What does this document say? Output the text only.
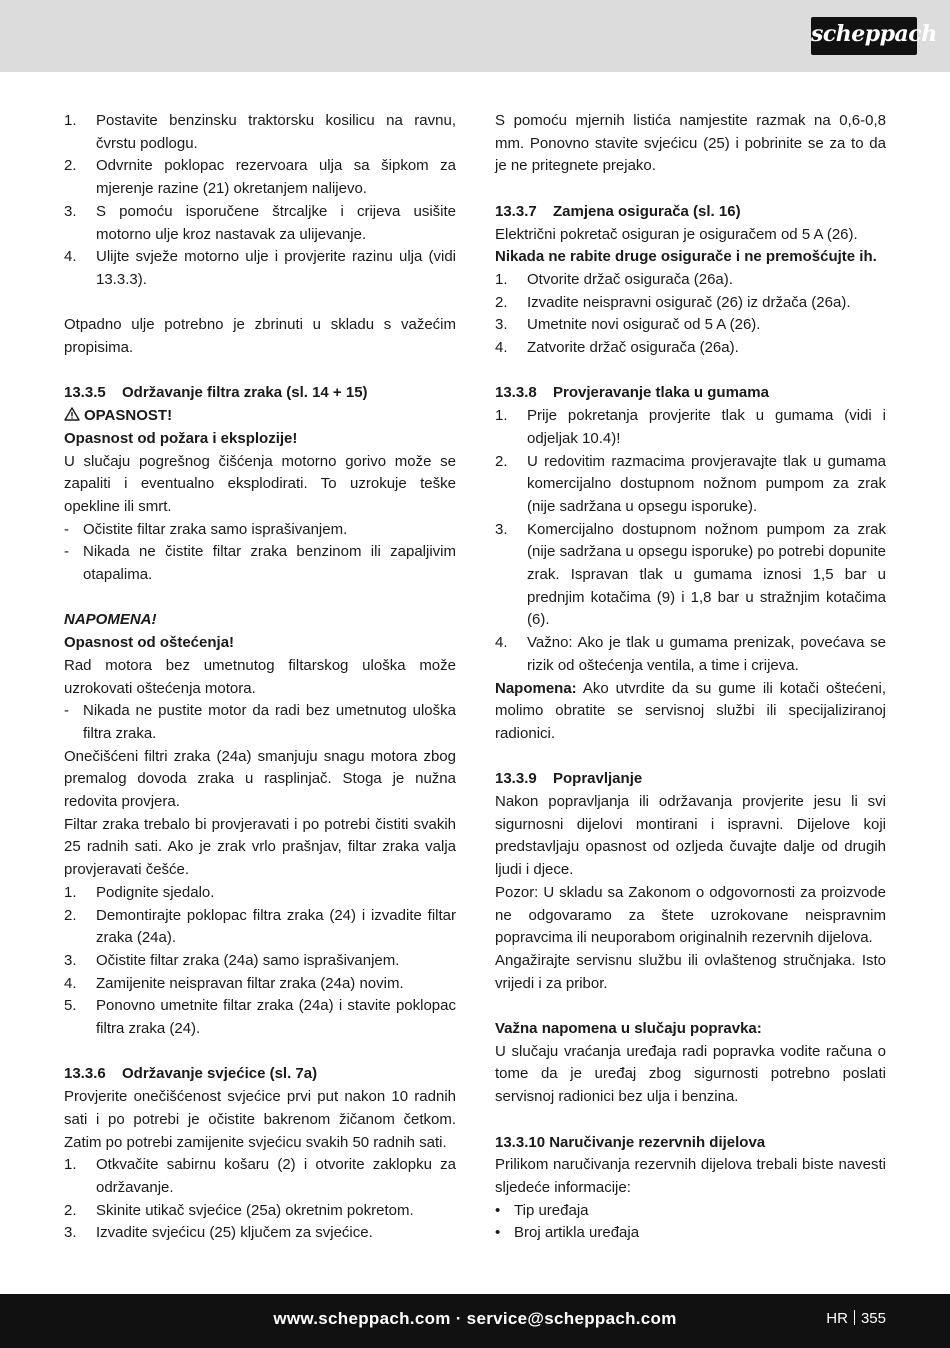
scheppach
1. Postavite benzinsku traktorsku kosilicu na ravnu, čvrstu podlogu.
2. Odvrnite poklopac rezervoara ulja sa šipkom za mjerenje razine (21) okretanjem nalijevo.
3. S pomoću isporučene štrcaljke i crijeva usišite motorno ulje kroz nastavak za ulijevanje.
4. Ulijte svježe motorno ulje i provjerite razinu ulja (vidi 13.3.3).

Otpadno ulje potrebno je zbrinuti u skladu s važećim propisima.

13.3.5 Održavanje filtra zraka (sl. 14 + 15)
OPASNOST!
Opasnost od požara i eksplozije!

U slučaju pogrešnog čišćenja motorno gorivo može se zapaliti i eventualno eksplodirati. To uzrokuje teške opekline ili smrt.

- Očistite filtar zraka samo isprašivanjem.
- Nikada ne čistite filtar zraka benzinom ili zapaljivim otapalima.
NAPOMENA!
Opasnost od oštećenja!

Rad motora bez umetnutog filtarskog uloška može uzrokovati oštećenja motora.

- Nikada ne pustite motor da radi bez umetnutog uloška filtra zraka.

Onečišćeni filtri zraka (24a) smanjuju snagu motora zbog premalog dovoda zraka u rasplinjač. Stoga je nužna redovita provjera.

Filtar zraka trebalo bi provjeravati i po potrebi čistiti svakih 25 radnih sati. Ako je zrak vrlo prašnjav, filtar zraka valja provjeravati češće.

1. Podignite sjedalo.
2. Demontirajte poklopac filtra zraka (24) i izvadite filtar zraka (24a).
3. Očistite filtar zraka (24a) samo isprašivanjem.
4. Zamijenite neispravan filtar zraka (24a) novim.
5. Ponovno umetnite filtar zraka (24a) i stavite poklopac filtra zraka (24).
13.3.6 Održavanje svjećice (sl. 7a)

Provjerite onečišćenost svjećice prvi put nakon 10 radnih sati i po potrebi je očistite bakrenom žičanom četkom. Zatim po potrebi zamijenite svjećicu svakih 50 radnih sati.

1. Otkvačite sabirnu košaru (2) i otvorite zaklopku za održavanje.
2. Skinite utikač svjećice (25a) okretnim pokretom.
3. Izvadite svjećicu (25) ključem za svjećice.

S pomoću mjernih listića namjestite razmak na 0,6-0,8 mm. Ponovno stavite svjećicu (25) i pobrinite se za to da je ne pritegnete prejako.

13.3.7 Zamjena osigurača (sl. 16)

Električni pokretač osiguran je osiguračem od 5 A (26).

Nikada ne rabite druge osigurače i ne premošćujte ih.

1. Otvorite držač osigurača (26a).
2. Izvadite neispravni osigurač (26) iz držača (26a).
3. Umetnite novi osigurač od 5 A (26).
4. Zatvorite držač osigurača (26a).
13.3.8 Provjeravanje tlaka u gumama
1. Prije pokretanja provjerite tlak u gumama (vidi i odjeljak 10.4)!
2. U redovitim razmacima provjeravajte tlak u gumama komercijalno dostupnom nožnom pumpom za zrak (nije sadržana u opsegu isporuke).
3. Komercijalno dostupnom nožnom pumpom za zrak (nije sadržana u opsegu isporuke) po potrebi dopunite zrak. Ispravan tlak u gumama iznosi 1,5 bar u prednjim kotačima (9) i 1,8 bar u stražnjim kotačima (6).
4. Važno: Ako je tlak u gumama prenizak, povećava se rizik od oštećenja ventila, a time i crijeva.

Napomena: Ako utvrdite da su gume ili kotači oštećeni, molimo obratite se servisnoj službi ili specijaliziranoj radionici.

13.3.9 Popravljanje

Nakon popravljanja ili održavanja provjerite jesu li svi sigurnosni dijelovi montirani i ispravni. Dijelove koji predstavljaju opasnost od ozljeda čuvajte dalje od drugih ljudi i djece.

Pozor: U skladu sa Zakonom o odgovornosti za proizvode ne odgovaramo za štete uzrokovane neispravnim popravcima ili neuporabom originalnih rezervnih dijelova.

Angažirajte servisnu službu ili ovlaštenog stručnjaka. Isto vrijedi i za pribor.

Važna napomena u slučaju popravka:

U slučaju vraćanja uređaja radi popravka vodite računa o tome da je uređaj zbog sigurnosti potrebno poslati servisnoj radionici bez ulja i benzina.

13.3.10 Naručivanje rezervnih dijelova

Prilikom naručivanja rezervnih dijelova trebali biste navesti sljedeće informacije:

• Tip uređaja
• Broj artikla uređaja
www.scheppach.com · service@scheppach.com	HR 355
